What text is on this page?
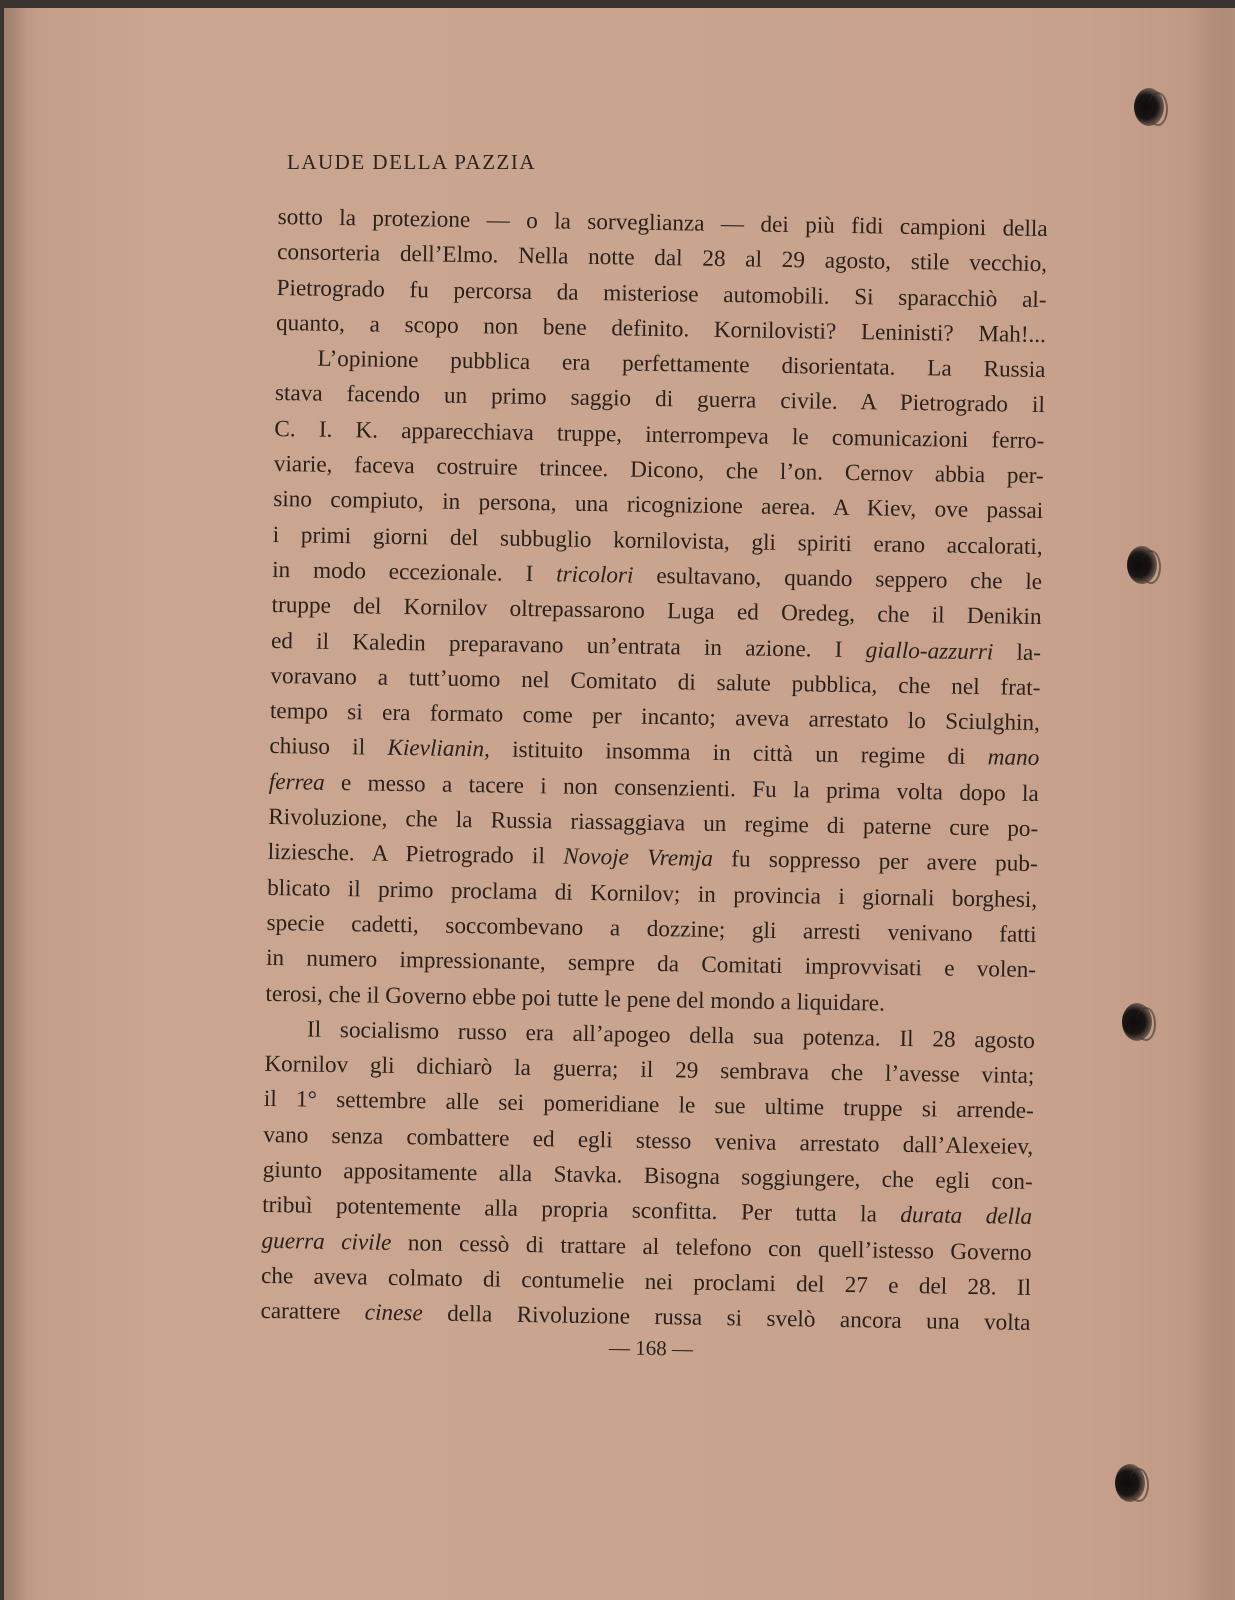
LAUDE DELLA PAZZIA
sotto la protezione — o la sorveglianza — dei più fidi campioni della
consorteria dell’Elmo. Nella notte dal 28 al 29 agosto, stile vecchio,
Pietrogrado fu percorsa da misteriose automobili. Si sparacchiò al-
quanto, a scopo non bene definito. Kornilovisti? Leninisti? Mah!...
L’opinione pubblica era perfettamente disorientata. La Russia
stava facendo un primo saggio di guerra civile. A Pietrogrado il
C. I. K. apparecchiava truppe, interrompeva le comunicazioni ferro-
viarie, faceva costruire trincee. Dicono, che l’on. Cernov abbia per-
sino compiuto, in persona, una ricognizione aerea. A Kiev, ove passai
i primi giorni del subbuglio kornilovista, gli spiriti erano accalorati,
in modo eccezionale. I tricolori esultavano, quando seppero che le
truppe del Kornilov oltrepassarono Luga ed Oredeg, che il Denikin
ed il Kaledin preparavano un’entrata in azione. I giallo-azzurri la-
voravano a tutt’uomo nel Comitato di salute pubblica, che nel frat-
tempo si era formato come per incanto; aveva arrestato lo Sciulghin,
chiuso il Kievlianin, istituito insomma in città un regime di mano
ferrea e messo a tacere i non consenzienti. Fu la prima volta dopo la
Rivoluzione, che la Russia riassaggiava un regime di paterne cure po-
liziesche. A Pietrogrado il Novoje Vremja fu soppresso per avere pub-
blicato il primo proclama di Kornilov; in provincia i giornali borghesi,
specie cadetti, soccombevano a dozzine; gli arresti venivano fatti
in numero impressionante, sempre da Comitati improvvisati e volen-
terosi, che il Governo ebbe poi tutte le pene del mondo a liquidare.
Il socialismo russo era all’apogeo della sua potenza. Il 28 agosto
Kornilov gli dichiarò la guerra; il 29 sembrava che l’avesse vinta;
il 1° settembre alle sei pomeridiane le sue ultime truppe si arrende-
vano senza combattere ed egli stesso veniva arrestato dall’Alexeiev,
giunto appositamente alla Stavka. Bisogna soggiungere, che egli con-
tribuì potentemente alla propria sconfitta. Per tutta la durata della
guerra civile non cessò di trattare al telefono con quell’istesso Governo
che aveva colmato di contumelie nei proclami del 27 e del 28. Il
carattere cinese della Rivoluzione russa si svelò ancora una volta
— 168 —
